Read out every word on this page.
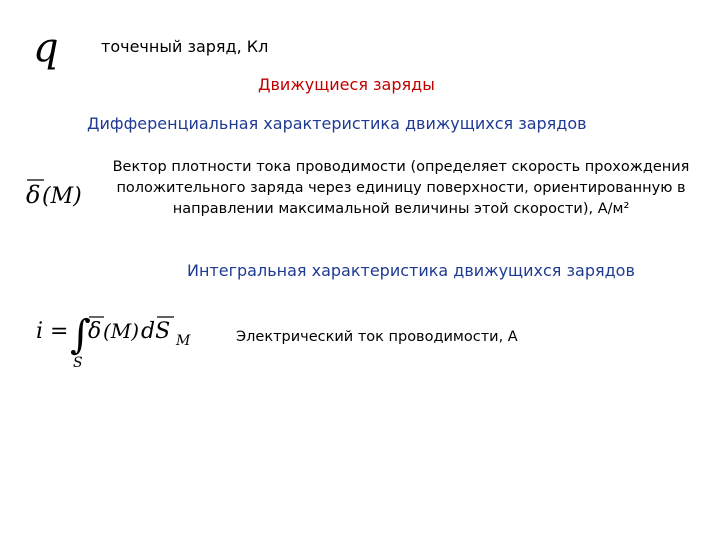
q	точечный заряд, Кл
Движущиеся заряды
Дифференциальная характеристика движущихся зарядов
δ (M)
Вектор плотности тока проводимости (определяет скорость прохождения
положительного заряда через единицу поверхности, ориентированную в
направлении максимальной величины этой скорости), А/м²
Интегральная характеристика движущихся зарядов
i = ∫
S
δ (M) dS M	Электрический ток проводимости, А
